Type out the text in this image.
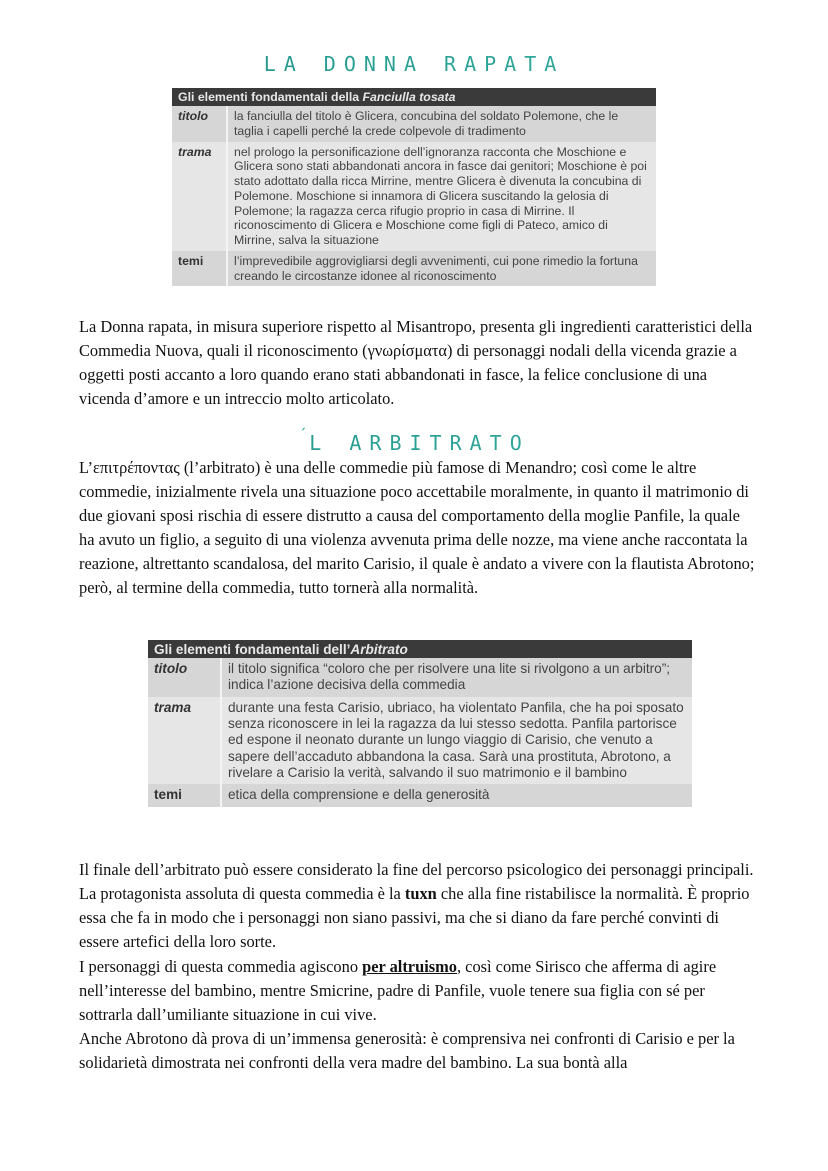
LA DONNA RAPATA
Gli elementi fondamentali della Fanciulla tosata	
titolo	la fanciulla del titolo è Glicera, concubina del soldato Polemone, che le taglia i capelli perché la crede colpevole di tradimento
trama	nel prologo la personificazione dell’ignoranza racconta che Moschione e Glicera sono stati abbandonati ancora in fasce dai genitori; Moschione è poi stato adottato dalla ricca Mirrine, mentre Glicera è divenuta la concubina di Polemone. Moschione si innamora di Glicera suscitando la gelosia di Polemone; la ragazza cerca rifugio proprio in casa di Mirrine. Il riconoscimento di Glicera e Moschione come figli di Pateco, amico di Mirrine, salva la situazione
temi	l’imprevedibile aggrovigliarsi degli avvenimenti, cui pone rimedio la fortuna creando le circostanze idonee al riconoscimento

La Donna rapata, in misura superiore rispetto al Misantropo, presenta gli ingredienti caratteristici della Commedia Nuova, quali il riconoscimento (γνωρίσματα) di personaggi nodali della vicenda grazie a oggetti posti accanto a loro quando erano stati abbandonati in fasce, la felice conclusione di una vicenda d’amore e un intreccio molto articolato.

´L ARBITRATO

L’επιτρέποντας (l’arbitrato) è una delle commedie più famose di Menandro; così come le altre commedie, inizialmente rivela una situazione poco accettabile moralmente, in quanto il matrimonio di due giovani sposi rischia di essere distrutto a causa del comportamento della moglie Panfile, la quale ha avuto un figlio, a seguito di una violenza avvenuta prima delle nozze, ma viene anche raccontata la reazione, altrettanto scandalosa, del marito Carisio, il quale è andato a vivere con la flautista Abrotono; però, al termine della commedia, tutto tornerà alla normalità.

Gli elementi fondamentali dell’Arbitrato	
titolo	il titolo significa “coloro che per risolvere una lite si rivolgono a un arbitro”; indica l’azione decisiva della commedia
trama	durante una festa Carisio, ubriaco, ha violentato Panfila, che ha poi sposato senza riconoscere in lei la ragazza da lui stesso sedotta. Panfila partorisce ed espone il neonato durante un lungo viaggio di Carisio, che venuto a sapere dell’accaduto abbandona la casa. Sarà una prostituta, Abrotono, a rivelare a Carisio la verità, salvando il suo matrimonio e il bambino
temi	etica della comprensione e della generosità

Il finale dell’arbitrato può essere considerato la fine del percorso psicologico dei personaggi principali. La protagonista assoluta di questa commedia è la tuxn che alla fine ristabilisce la normalità. È proprio essa che fa in modo che i personaggi non siano passivi, ma che si diano da fare perché convinti di essere artefici della loro sorte.

I personaggi di questa commedia agiscono per altruismo, così come Sirisco che afferma di agire nell’interesse del bambino, mentre Smicrine, padre di Panfile, vuole tenere sua figlia con sé per sottrarla dall’umiliante situazione in cui vive.

Anche Abrotono dà prova di un’immensa generosità: è comprensiva nei confronti di Carisio e per la solidarietà dimostrata nei confronti della vera madre del bambino. La sua bontà alla
